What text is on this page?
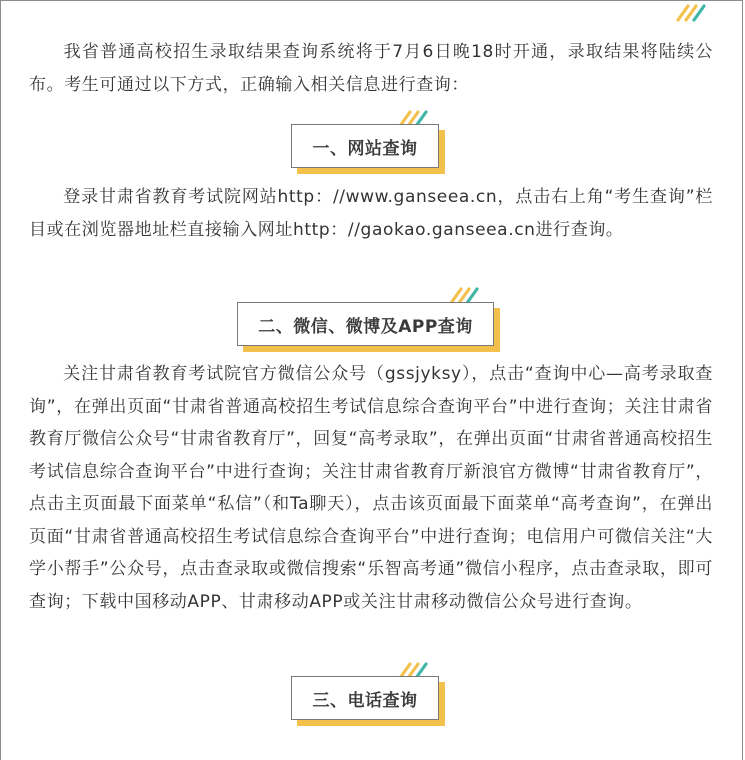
我省普通高校招生录取结果查询系统将于7月6日晚18时开通，录取结果将陆续公布。考生可通过以下方式，正确输入相关信息进行查询：

一、网站查询

登录甘肃省教育考试院网站http：//www.ganseea.cn，点击右上角“考生查询”栏目或在浏览器地址栏直接输入网址http：//gaokao.ganseea.cn进行查询。

二、微信、微博及APP查询

关注甘肃省教育考试院官方微信公众号（gssjyksy），点击“查询中心—高考录取查询”，在弹出页面“甘肃省普通高校招生考试信息综合查询平台”中进行查询；关注甘肃省教育厅微信公众号“甘肃省教育厅”，回复“高考录取”，在弹出页面“甘肃省普通高校招生考试信息综合查询平台”中进行查询；关注甘肃省教育厅新浪官方微博“甘肃省教育厅”，点击主页面最下面菜单“私信”（和Ta聊天），点击该页面最下面菜单“高考查询”，在弹出页面“甘肃省普通高校招生考试信息综合查询平台”中进行查询；电信用户可微信关注“大学小帮手”公众号，点击查录取或微信搜索“乐智高考通”微信小程序，点击查录取，即可查询；下载中国移动APP、甘肃移动APP或关注甘肃移动微信公众号进行查询。

三、电话查询
